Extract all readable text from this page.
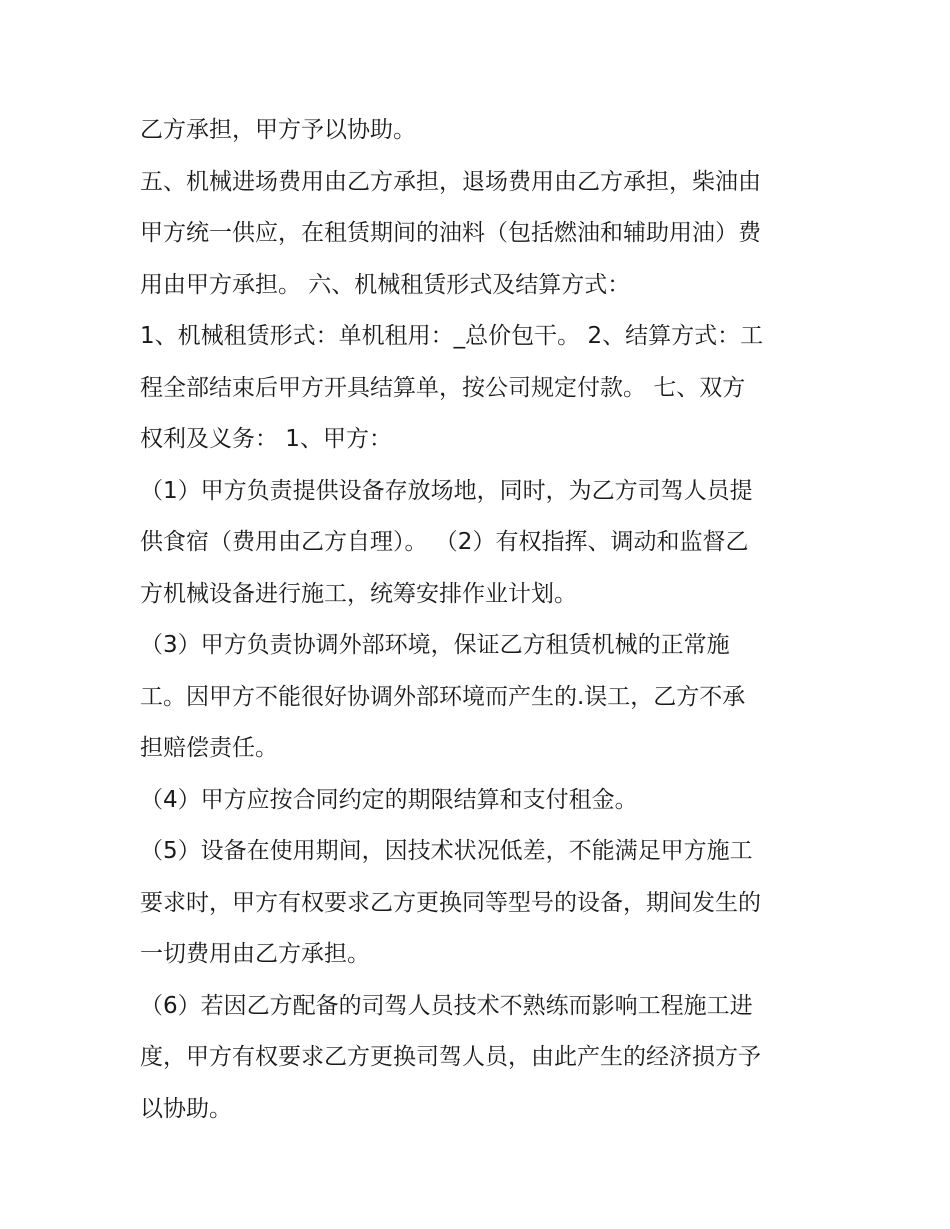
乙方承担，甲方予以协助。
五、机械进场费用由乙方承担，退场费用由乙方承担，柴油由
甲方统一供应，在租赁期间的油料（包括燃油和辅助用油）费
用由甲方承担。 六、机械租赁形式及结算方式：
1、机械租赁形式：单机租用：_总价包干。 2、结算方式：工
程全部结束后甲方开具结算单，按公司规定付款。 七、双方
权利及义务： 1、甲方：
（1）甲方负责提供设备存放场地，同时，为乙方司驾人员提
供食宿（费用由乙方自理）。 （2）有权指挥、调动和监督乙
方机械设备进行施工，统筹安排作业计划。
（3）甲方负责协调外部环境，保证乙方租赁机械的正常施
工。因甲方不能很好协调外部环境而产生的.误工，乙方不承
担赔偿责任。
（4）甲方应按合同约定的期限结算和支付租金。
（5）设备在使用期间，因技术状况低差，不能满足甲方施工
要求时，甲方有权要求乙方更换同等型号的设备，期间发生的
一切费用由乙方承担。
（6）若因乙方配备的司驾人员技术不熟练而影响工程施工进
度，甲方有权要求乙方更换司驾人员，由此产生的经济损方予
以协助。
